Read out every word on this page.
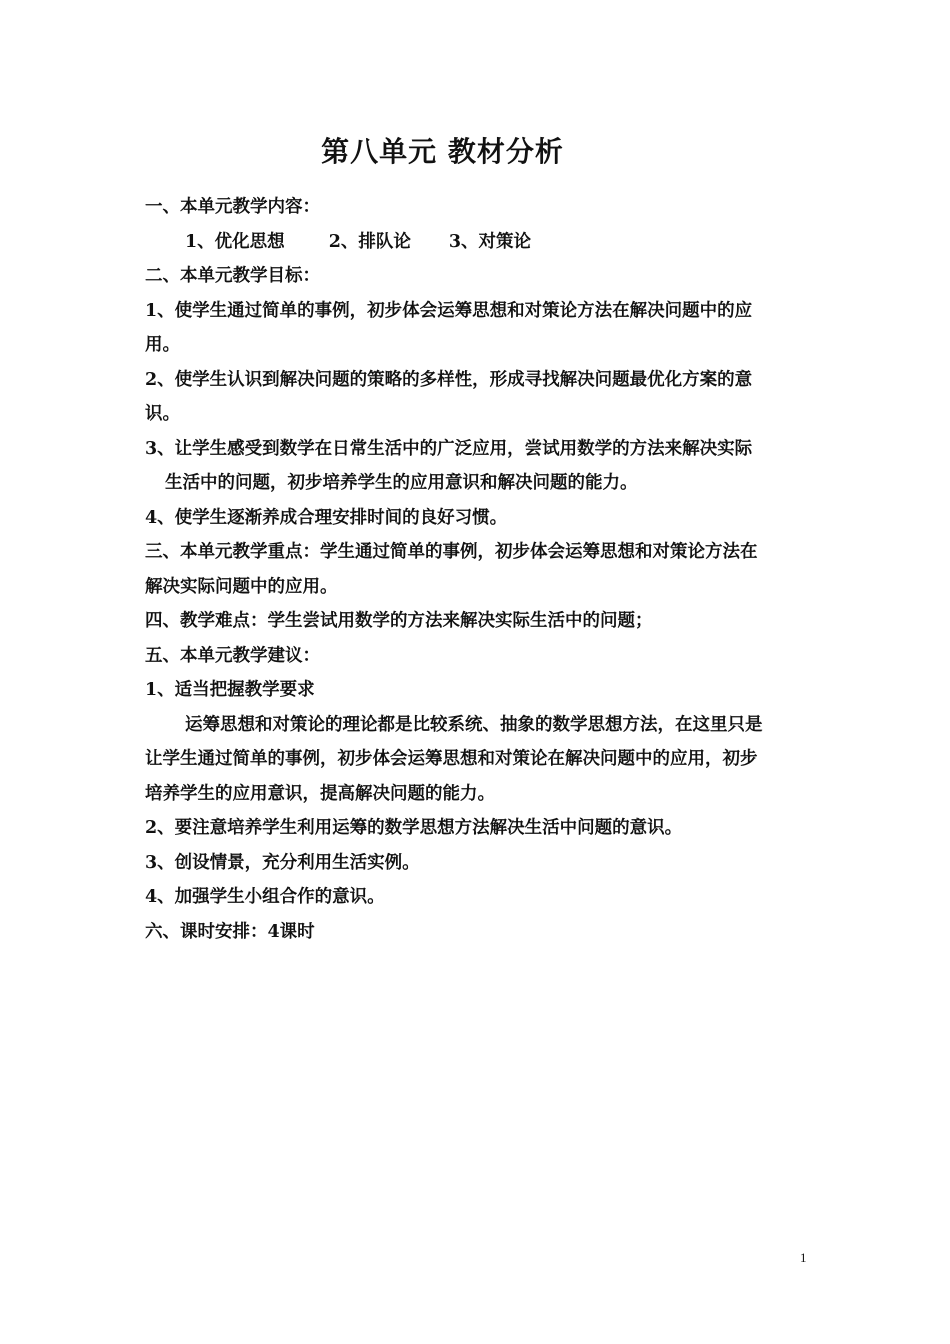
第八单元 教材分析
一、本单元教学内容：
1、优化思想	2、排队论 3、对策论
二、本单元教学目标：
1、使学生通过简单的事例，初步体会运筹思想和对策论方法在解决问题中的应
用。
2、使学生认识到解决问题的策略的多样性，形成寻找解决问题最优化方案的意
识。
3、让学生感受到数学在日常生活中的广泛应用，尝试用数学的方法来解决实际
生活中的问题，初步培养学生的应用意识和解决问题的能力。
4、使学生逐渐养成合理安排时间的良好习惯。
三、本单元教学重点：学生通过简单的事例，初步体会运筹思想和对策论方法在
解决实际问题中的应用。
四、教学难点：学生尝试用数学的方法来解决实际生活中的问题；
五、本单元教学建议：
1、适当把握教学要求
运筹思想和对策论的理论都是比较系统、抽象的数学思想方法，在这里只是
让学生通过简单的事例，初步体会运筹思想和对策论在解决问题中的应用，初步
培养学生的应用意识，提高解决问题的能力。
2、要注意培养学生利用运筹的数学思想方法解决生活中问题的意识。
3、创设情景，充分利用生活实例。
4、加强学生小组合作的意识。
六、课时安排：4课时
1
